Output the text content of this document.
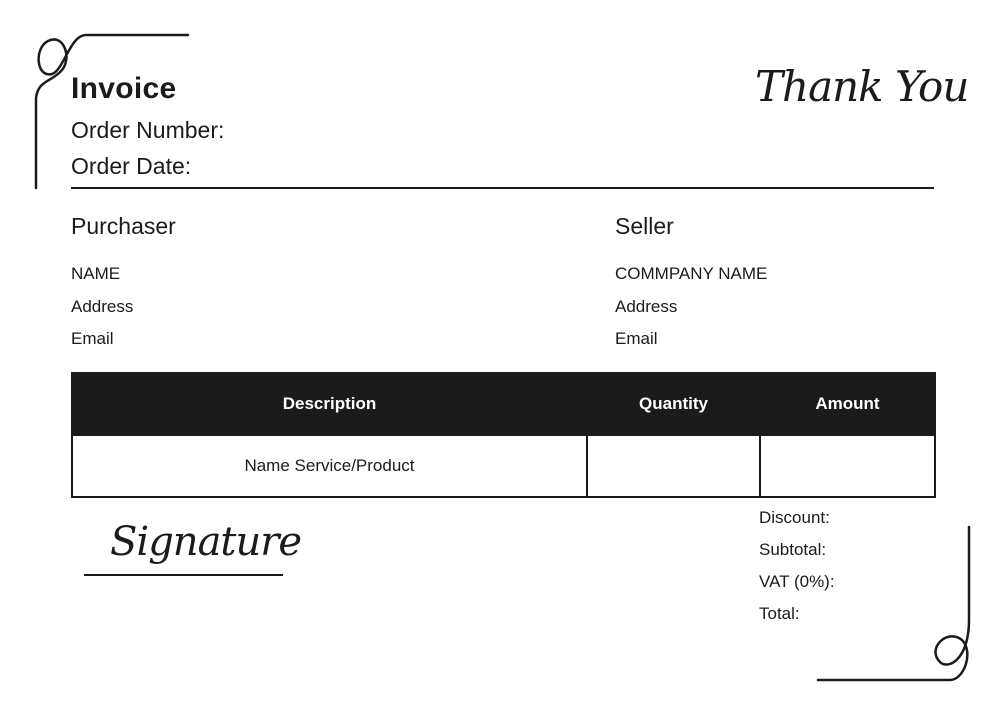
Invoice
Order Number:
Order Date:
Thank You
Purchaser
NAME
Address
Email
Seller
COMMPANY NAME
Address
Email
Description	Quantity	Amount
Name Service/Product		
Discount:
Subtotal:
VAT (0%):
Total:
Signature
